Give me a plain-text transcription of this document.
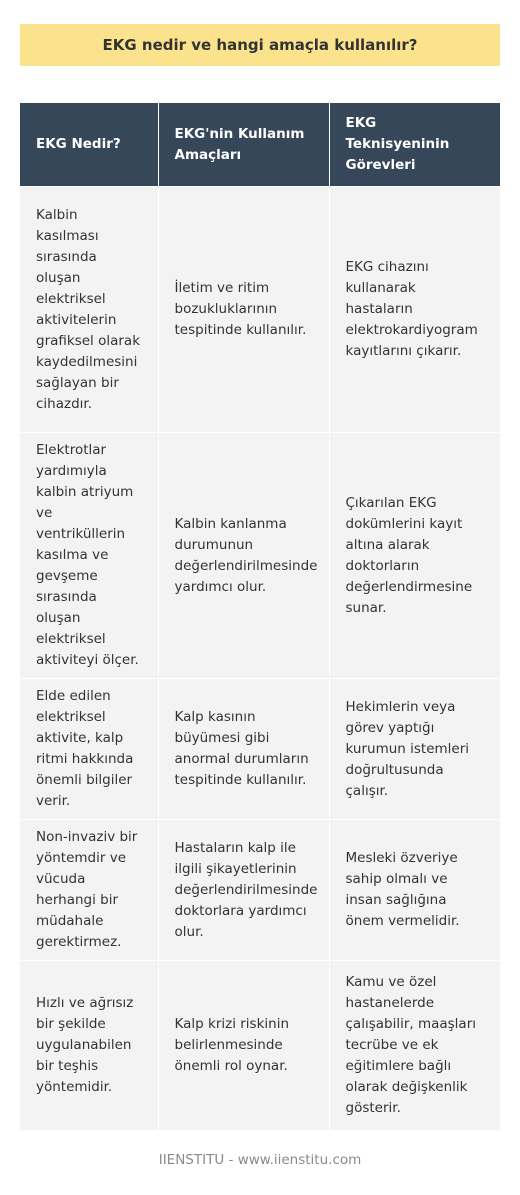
EKG nedir ve hangi amaçla kullanılır?
EKG Nedir?	EKG'nin Kullanım Amaçları	EKG Teknisyeninin Görevleri
Kalbin kasılması sırasında oluşan elektriksel aktivitelerin grafiksel olarak kaydedilmesini sağlayan bir cihazdır.	İletim ve ritim bozukluklarının tespitinde kullanılır.	EKG cihazını kullanarak hastaların elektrokardiyogram kayıtlarını çıkarır.
Elektrotlar yardımıyla kalbin atriyum ve ventriküllerin kasılma ve gevşeme sırasında oluşan elektriksel aktiviteyi ölçer.	Kalbin kanlanma durumunun değerlendirilmesinde yardımcı olur.	Çıkarılan EKG dokümlerini kayıt altına alarak doktorların değerlendirmesine sunar.
Elde edilen elektriksel aktivite, kalp ritmi hakkında önemli bilgiler verir.	Kalp kasının büyümesi gibi anormal durumların tespitinde kullanılır.	Hekimlerin veya görev yaptığı kurumun istemleri doğrultusunda çalışır.
Non-invaziv bir yöntemdir ve vücuda herhangi bir müdahale gerektirmez.	Hastaların kalp ile ilgili şikayetlerinin değerlendirilmesinde doktorlara yardımcı olur.	Mesleki özveriye sahip olmalı ve insan sağlığına önem vermelidir.
Hızlı ve ağrısız bir şekilde uygulanabilen bir teşhis yöntemidir.	Kalp krizi riskinin belirlenmesinde önemli rol oynar.	Kamu ve özel hastanelerde çalışabilir, maaşları tecrübe ve ek eğitimlere bağlı olarak değişkenlik gösterir.
IIENSTITU - www.iienstitu.com
